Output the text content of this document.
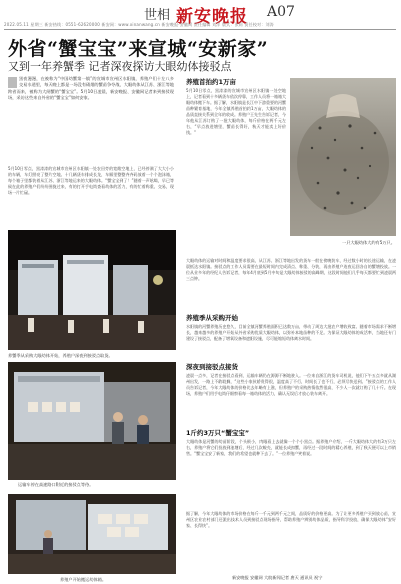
世相 新安晚报 A07
2022.05.11 星期三 新安热线：0551-62620000 新安网：www.xinanwang.cn 新安晚报·安徽网 责任编辑 刘洋 版式：张莉 责任校对：刘涛
外省“蟹宝宝”来宣城“安新家”
又到一年养蟹季 记者深夜探访大眼幼体接驳点
黑夜漫漫，在被称为“中国幼蟹第一镇”的宣城市宣州区水阳镇，养殖户们十左八多交易水道里，每天晚上都是一场没有硝烟的蟹苗争夺战，大眼幼体从江苏、浙江等地跨省而来，被称为大闸蟹的“蟹宝宝”。5月10日凌晨，新安晚报、安徽网记者来到接驳现场，采访这些来自外省的“蟹宝宝”如何安家。
5月10日零点，黑漆漆的宣城市宣州区水阳镇一处农田旁的宽敞空地上，已经停满了大大小小的车辆，车灯照亮了整片空地。十几辆货车排成长龙，车厢里整整齐齐码放着一个个泡沫箱，每个箱子里都装着从江苏、浙江等地运来的大眼幼体。“蟹宝宝到了！”随着一声吆喝，早已等候在此的养殖户们纷纷围拢过来，有的打开手电筒查看幼体的活力，有的忙着称重、交易，现场一片忙碌。
养殖首拍约1万亩
5月10日零点，黑漆漆的宣城市宣州区水阳镇一处空地上，记者看到十多辆货车依次停靠，工作人员将一箱箱大眼幼体搬下车。据了解，水阳镇是长江中下游重要的河蟹苗种繁育基地，今年全镇养殖首拍约1万亩，大眼幼体的品质直接关系到全年的收成。养殖户王先生告诉记者，今年他从江苏订购了一批大眼幼体，每斤价格在两千元左右，“早点放进塘里，蟹苗长得好，秋天才能卖上好价钱。”
一只大眼幼体大约有5万只。
大眼幼体的运输对时间和温度要求很高，从江苏、浙江等地出发的货车一般在傍晚装车，经过数小时的长途运输，在凌晨抵达水阳镇。接驳点的工作人员需要在最短时间内完成清点、称重、分装，再由养殖户连夜运回各自的蟹塘投放。一位从业多年的经纪人告诉记者，每年4月底到5月中旬是大眼幼体接驳的高峰期，这段时间他们几乎每天都要忙到凌晨两三点钟。
养蟹季从采购大眼幼体开始，养殖户深夜到接驳点取货。
养殖季从采购开始
水阳镇的河蟹养殖历史悠久，目前全镇河蟹养殖面积已达数万亩，带动了周边大批农户增收致富。随着市场需求不断增长，越来越多的养殖户开始从外省采购优质大眼幼体，以弥补本地苗种的不足。为保证大眼幼体的成活率，当地还专门建设了接驳点，配备了增氧设备和遮阳设施，尽可能缩短幼体离水时间。
深夜到接驳点接货
凌晨一点多，记者在接驳点看到，运输车辆仍在源源不断地驶入。一位来自浙江的货车司机说，他们下午五点多就从湖州出发，一路上不敢耽搁，“这些小家伙娇贵得很，温度高了不行，时间长了也不行，必须尽快送到。”接驳点的工作人员告诉记者，今年大眼幼体的价格比去年略有上涨，但养殖户的采购热情依然很高，不少人一次就订购了几十斤。在现场，养殖户们用手电筒仔细察看每一箱幼体的活力，确认无误后才放心装车离开。
运输车停在高速路口附近的接驳点等待。
1斤约3万只“蟹宝宝”
大眼幼体是河蟹的幼苗阶段，个头极小，肉眼看上去就像一个个小黑点。据养殖户介绍，一斤大眼幼体大约有3万只左右，养殖户将它们投放到池塘后，经过几次蜕壳，就能长成扣蟹，再经过一段时间的精心养殖，到了秋天便可以上市销售。“蟹宝宝安了新家，我们的希望也就种下去了。”一位养殖户笑着说。
据了解，今年大眼幼体的市场价格在每斤一千元到两千元之间，品质好的价格更高。为了让更多养殖户买到放心苗，宣州区农业农村部门还派出技术人员到接驳点现场指导，帮助养殖户辨别幼体品质，指导科学投放，确保大眼幼体“安好家、长得快”。
养殖户开始搬运幼体箱。	新安晚报 安徽网 大皖新闻记者 唐天 通讯员 祝宁
